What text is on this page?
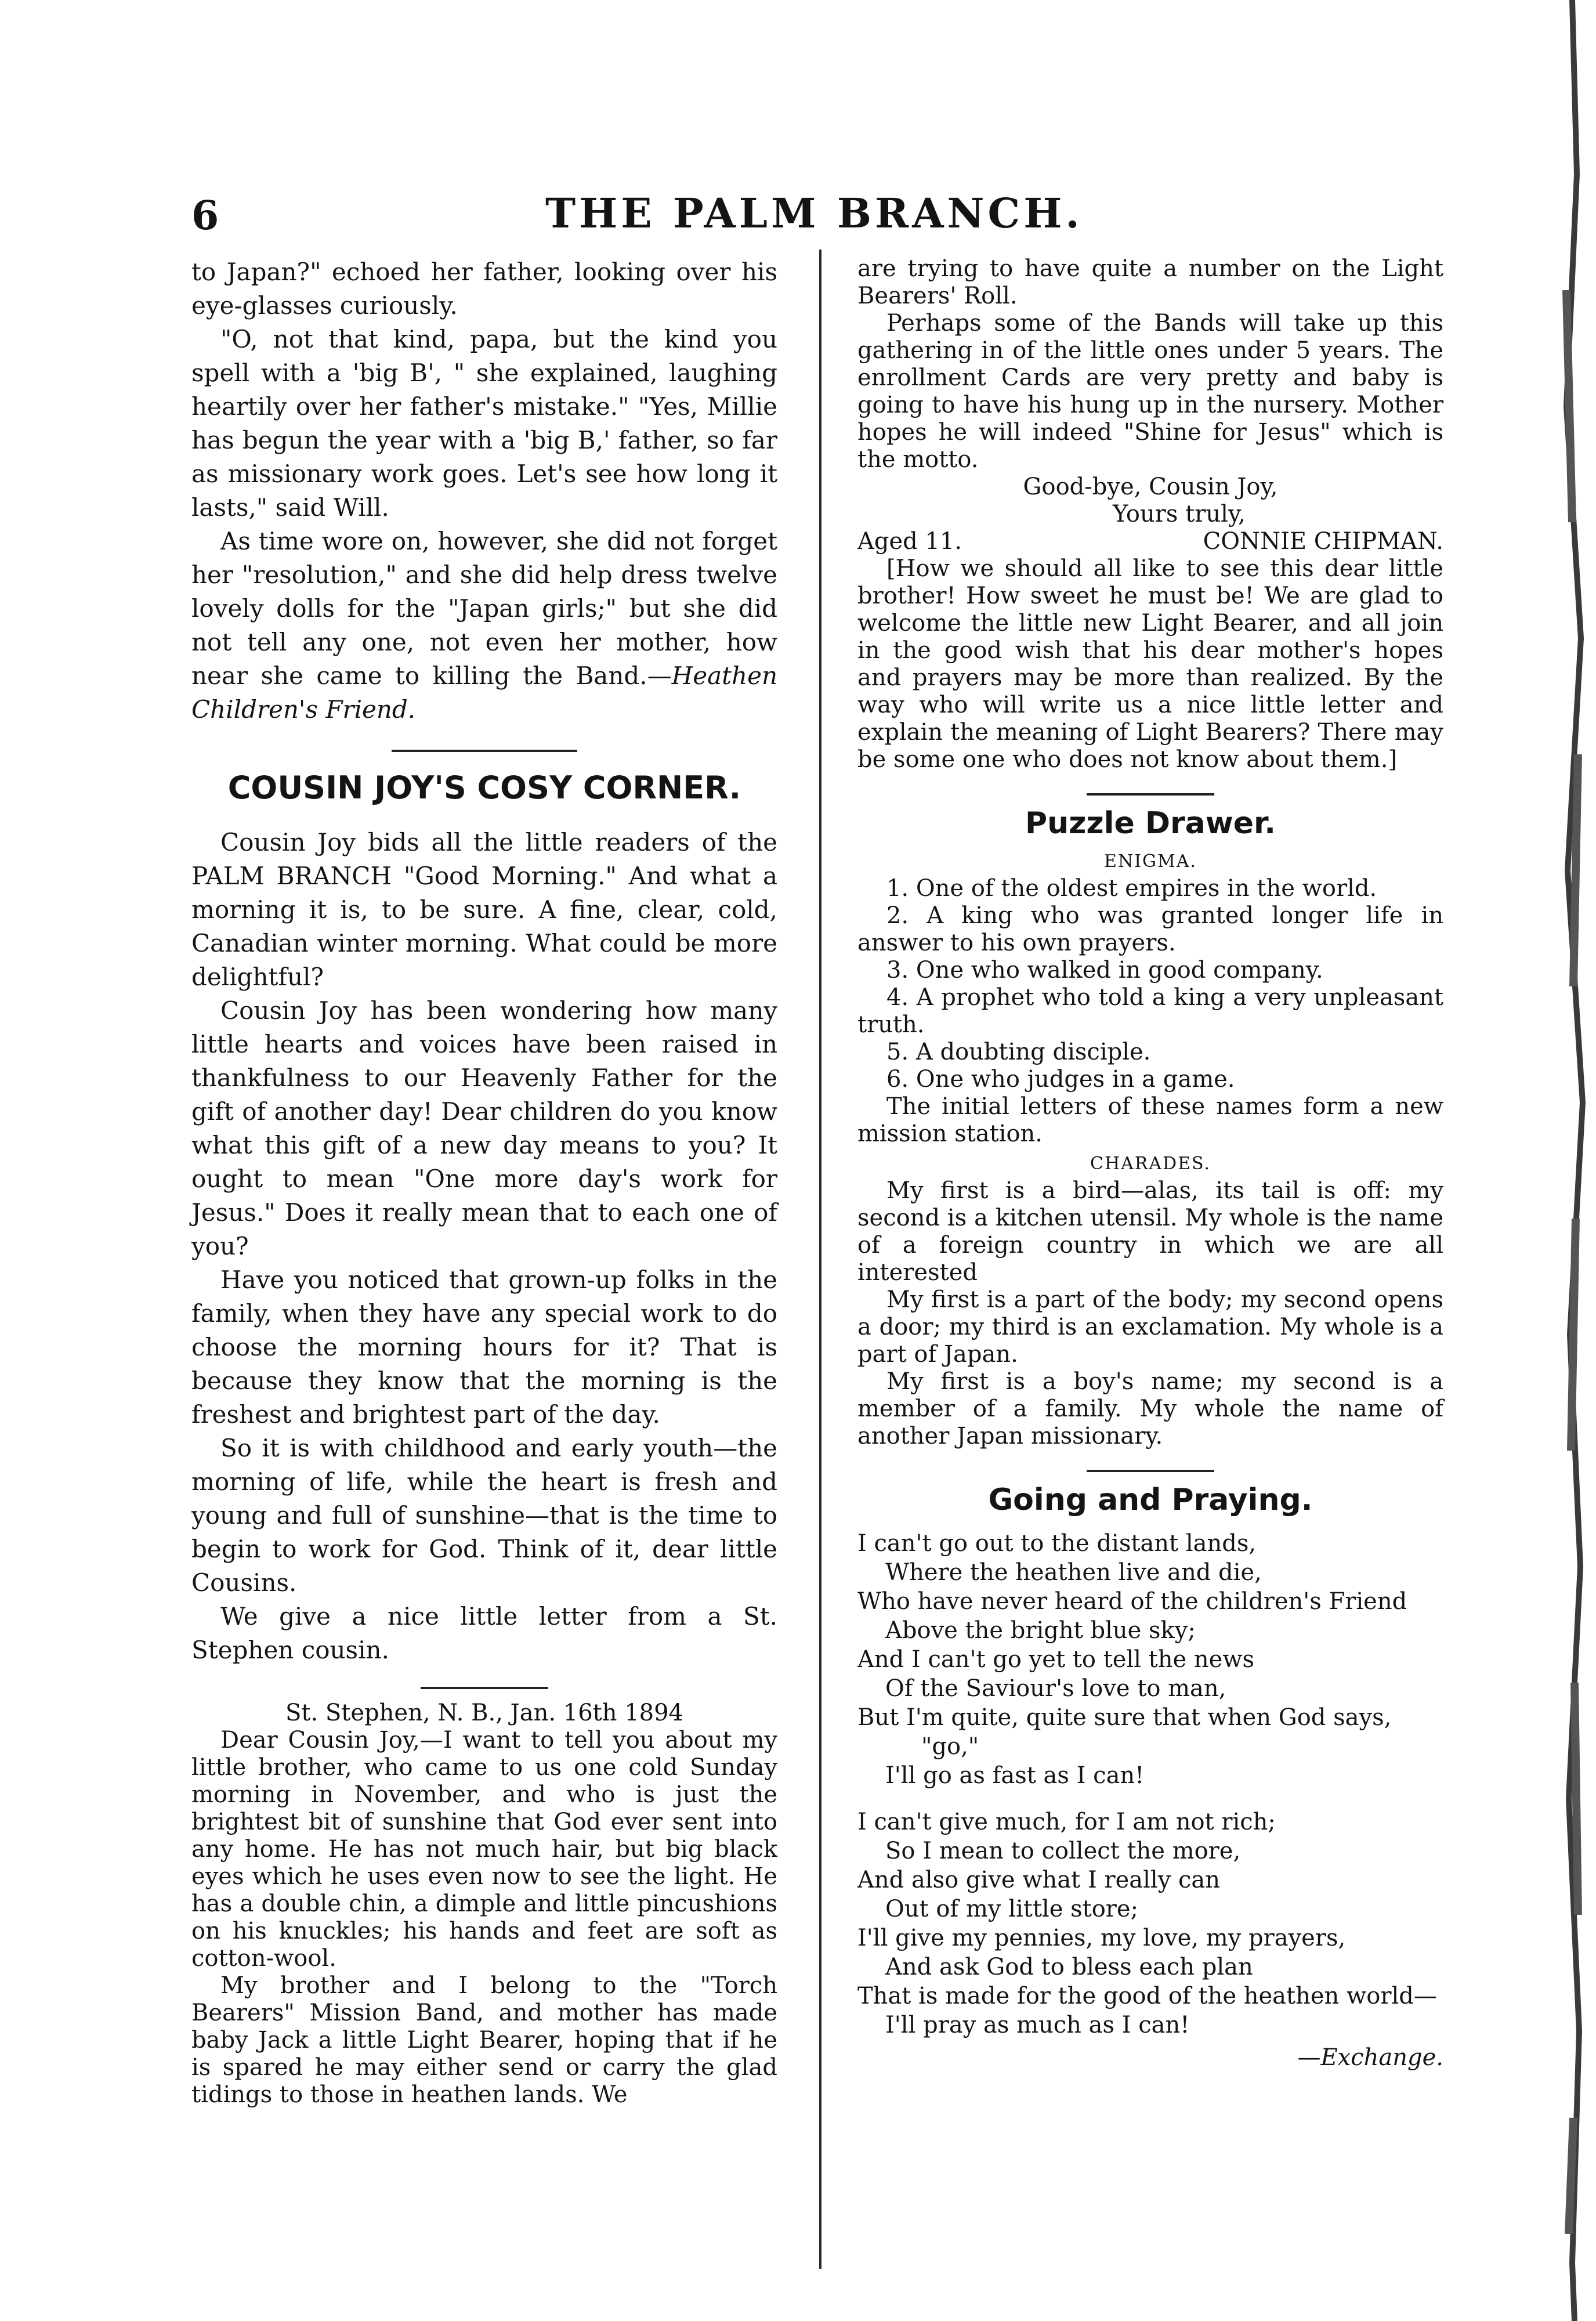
6	THE PALM BRANCH.

to Japan?" echoed her father, looking over his eye-glasses curiously.

"O, not that kind, papa, but the kind you spell with a 'big B', " she explained, laughing heartily over her father's mistake." "Yes, Millie has begun the year with a 'big B,' father, so far as missionary work goes. Let's see how long it lasts," said Will.

As time wore on, however, she did not forget her "resolution," and she did help dress twelve lovely dolls for the "Japan girls;" but she did not tell any one, not even her mother, how near she came to killing the Band.—Heathen Children's Friend.

COUSIN JOY'S COSY CORNER.

Cousin Joy bids all the little readers of the PALM BRANCH "Good Morning." And what a morning it is, to be sure. A fine, clear, cold, Canadian winter morning. What could be more delightful?

Cousin Joy has been wondering how many little hearts and voices have been raised in thankfulness to our Heavenly Father for the gift of another day! Dear children do you know what this gift of a new day means to you? It ought to mean "One more day's work for Jesus." Does it really mean that to each one of you?

Have you noticed that grown-up folks in the family, when they have any special work to do choose the morning hours for it? That is because they know that the morning is the freshest and brightest part of the day.

So it is with childhood and early youth—the morning of life, while the heart is fresh and young and full of sunshine—that is the time to begin to work for God. Think of it, dear little Cousins.

We give a nice little letter from a St. Stephen cousin.

St. Stephen, N. B., Jan. 16th 1894

Dear Cousin Joy,—I want to tell you about my little brother, who came to us one cold Sunday morning in November, and who is just the brightest bit of sunshine that God ever sent into any home. He has not much hair, but big black eyes which he uses even now to see the light. He has a double chin, a dimple and little pincushions on his knuckles; his hands and feet are soft as cotton-wool.

My brother and I belong to the "Torch Bearers" Mission Band, and mother has made baby Jack a little Light Bearer, hoping that if he is spared he may either send or carry the glad tidings to those in heathen lands. We

are trying to have quite a number on the Light Bearers' Roll.

Perhaps some of the Bands will take up this gathering in of the little ones under 5 years. The enrollment Cards are very pretty and baby is going to have his hung up in the nursery. Mother hopes he will indeed "Shine for Jesus" which is the motto.

Good-bye, Cousin Joy,
Yours truly,
Aged 11.	CONNIE CHIPMAN.

[How we should all like to see this dear little brother! How sweet he must be! We are glad to welcome the little new Light Bearer, and all join in the good wish that his dear mother's hopes and prayers may be more than realized. By the way who will write us a nice little letter and explain the meaning of Light Bearers? There may be some one who does not know about them.]

Puzzle Drawer.
ENIGMA.

1. One of the oldest empires in the world.

2. A king who was granted longer life in answer to his own prayers.

3. One who walked in good company.

4. A prophet who told a king a very unpleasant truth.

5. A doubting disciple.

6. One who judges in a game.

The initial letters of these names form a new mission station.

CHARADES.

My first is a bird—alas, its tail is off: my second is a kitchen utensil. My whole is the name of a foreign country in which we are all interested

My first is a part of the body; my second opens a door; my third is an exclamation. My whole is a part of Japan.

My first is a boy's name; my second is a member of a family. My whole the name of another Japan missionary.

Going and Praying.

I can't go out to the distant lands,

Where the heathen live and die,

Who have never heard of the children's Friend

Above the bright blue sky;

And I can't go yet to tell the news

Of the Saviour's love to man,

But I'm quite, quite sure that when God says,

"go,"

I'll go as fast as I can!

I can't give much, for I am not rich;

So I mean to collect the more,

And also give what I really can

Out of my little store;

I'll give my pennies, my love, my prayers,

And ask God to bless each plan

That is made for the good of the heathen world—

I'll pray as much as I can!

—Exchange.
